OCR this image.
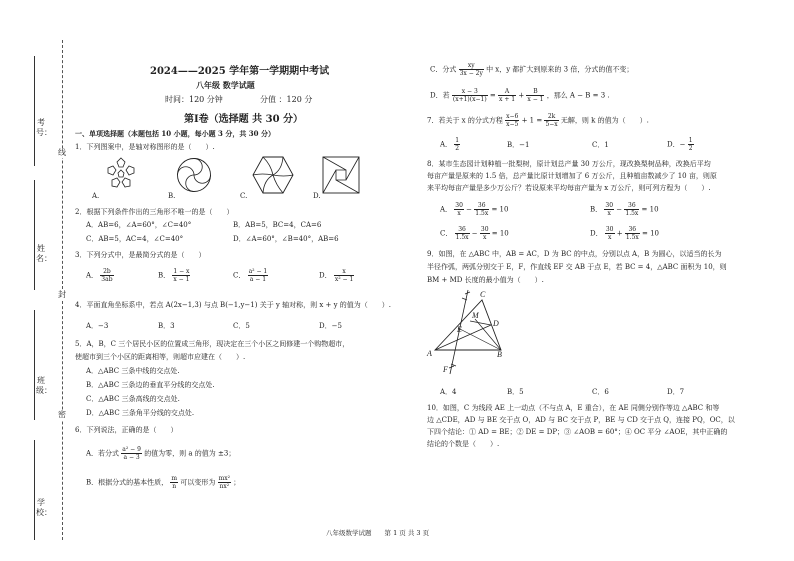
考号：
姓名：
班级：
学校：
线
封
密
2024——2025 学年第一学期期中考试
八年级 数学试题
时间：120 分钟	分值 ：120 分
第Ⅰ卷（选择题 共 30 分）
一、单项选择题（本题包括 10 小题，每小题 3 分，共 30 分）
1．下列图案中，是轴对称图形的是（　　）.
A.	B.	C.	D.
2．根据下列条件作出的三角形不唯一的是（　　）
A．AB=6，∠A=60°，∠C=40°	B．AB=5，BC=4，CA=6
C．AB=5，AC=4，∠C=40°	D．∠A=60°，∠B=40°，AB=6
3．下列分式中，是最简分式的是（　　）
A． $\frac{2b}{3ab}$	B． $\frac{1 - x}{x - 1}$	C． $\frac{\text{a² − 1}}{a - 1}$	D． $\frac{x}{\text{x² − 1}}$
4．平面直角坐标系中，若点 A(2x−1,3) 与点 B(−1,y−1) 关于 y 轴对称，则 x + y 的值为（　　）.
A．−3	B．3	C．5	D．−5
5．A，B，C 三个居民小区的位置成三角形，现决定在三个小区之间修建一个购物超市，
使超市到三个小区的距离相等，则超市应建在（　　）.
A．△ABC 三条中线的交点处.
B．△ABC 三条边的垂直平分线的交点处.
C．△ABC 三条高线的交点处.
D．△ABC 三条角平分线的交点处.
6．下列说法，正确的是（　　）
A．若分式 $\frac{\text{a² − 9}}{a - 3}$ 的值为零，则 a 的值为 ±3；
B．根据分式的基本性质， $\frac{m}{n}$ 可以变形为 $\frac{\text{mx²}}{\text{nx²}}$ ；
八年级数学试题　　第 1 页 共 3 页
C．分式 $\frac{xy}{3x - 2y}$ 中 x，y 都扩大到原来的 3 倍，分式的值不变；
D．若 $\frac{x - 3}{(x+1)(x-1)} = \frac{A}{x + 1} + \frac{B}{x - 1}$ ，那么 A − B = 3 .
7．若关于 x 的分式方程 $\frac{x-6}{x-5} + 1 = \frac{2k}{5-x}$ 无解，则 k 的值为（　　）.
A． $\frac{1}{2}$	B．−1	C．1	D．− $\frac{1}{2}$
8．某市生态园计划种植一批梨树，原计划总产量 30 万公斤，现改换梨树品种，改换后平均
每亩产量是原来的 1.5 倍，总产量比原计划增加了 6 万公斤，且种植亩数减少了 10 亩，则原
来平均每亩产量是多少万公斤？若设原来平均每亩产量为 x 万公斤，则可列方程为（　　）.
A． $\frac{30}{x} - \frac{36}{1.5x} = 10$	B． $\frac{30}{x} - \frac{36}{1.5x} = 10$
C． $\frac{36}{1.5x} - \frac{30}{x} = 10$	D． $\frac{30}{x} + \frac{36}{1.5x} = 10$
9．如图，在 △ABC 中，AB = AC，D 为 BC 的中点，分别以点 A，B 为圆心，以适当的长为
半径作弧，两弧分别交于 E，F，作直线 EF 交 AB 于点 E，若 BC = 4，△ABC 面积为 10，则
BM + MD 长度的最小值为（　　）.
C
M
E
D
A	B
F
A．4	B．5	C．6	D．7
10．如图，C 为线段 AE 上一动点（不与点 A，E 重合），在 AE 同侧分别作等边 △ABC 和等
边 △CDE，AD 与 BE 交于点 O，AD 与 BC 交于点 P，BE 与 CD 交于点 Q，连接 PQ，OC，以
下四个结论：① AD = BE；② DE = DP；③ ∠AOB = 60°；④ OC 平分 ∠AOE，其中正确的
结论的个数是（　　）.
